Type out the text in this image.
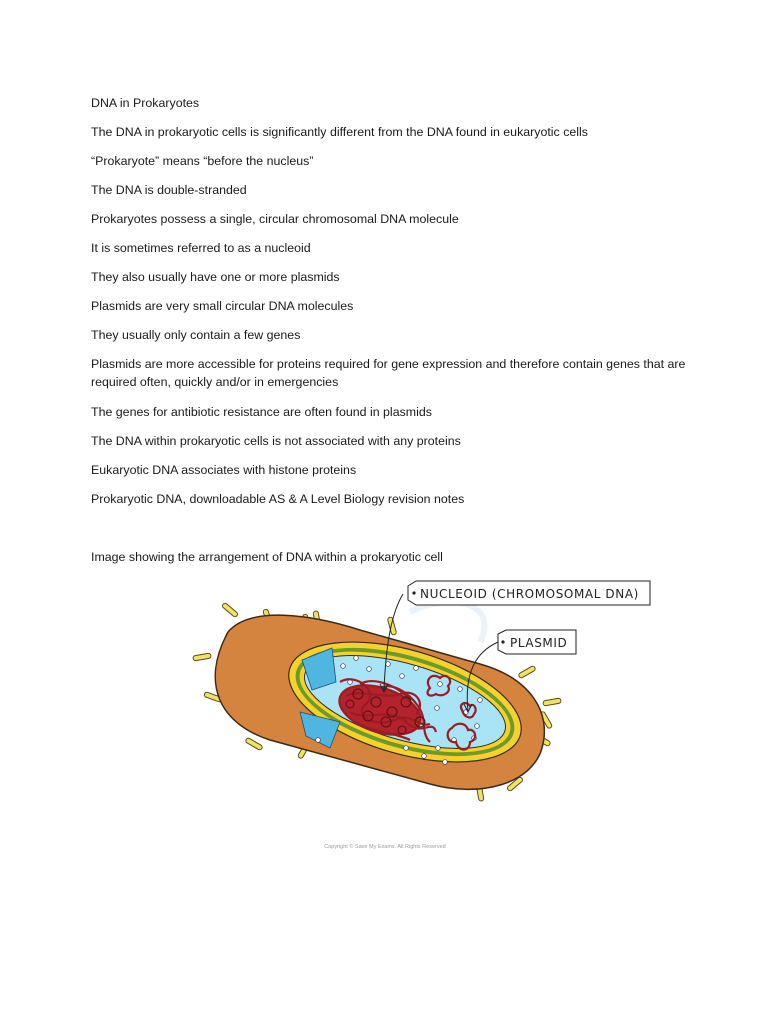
DNA in Prokaryotes

The DNA in prokaryotic cells is significantly different from the DNA found in eukaryotic cells

“Prokaryote” means “before the nucleus”

The DNA is double-stranded

Prokaryotes possess a single, circular chromosomal DNA molecule

It is sometimes referred to as a nucleoid

They also usually have one or more plasmids

Plasmids are very small circular DNA molecules

They usually only contain a few genes

Plasmids are more accessible for proteins required for gene expression and therefore contain genes that are required often, quickly and/or in emergencies

The genes for antibiotic resistance are often found in plasmids

The DNA within prokaryotic cells is not associated with any proteins

Eukaryotic DNA associates with histone proteins

Prokaryotic DNA, downloadable AS & A Level Biology revision notes

Image showing the arrangement of DNA within a prokaryotic cell

NUCLEOID (CHROMOSOMAL DNA)
PLASMID
Copyright © Save My Exams. All Rights Reserved
